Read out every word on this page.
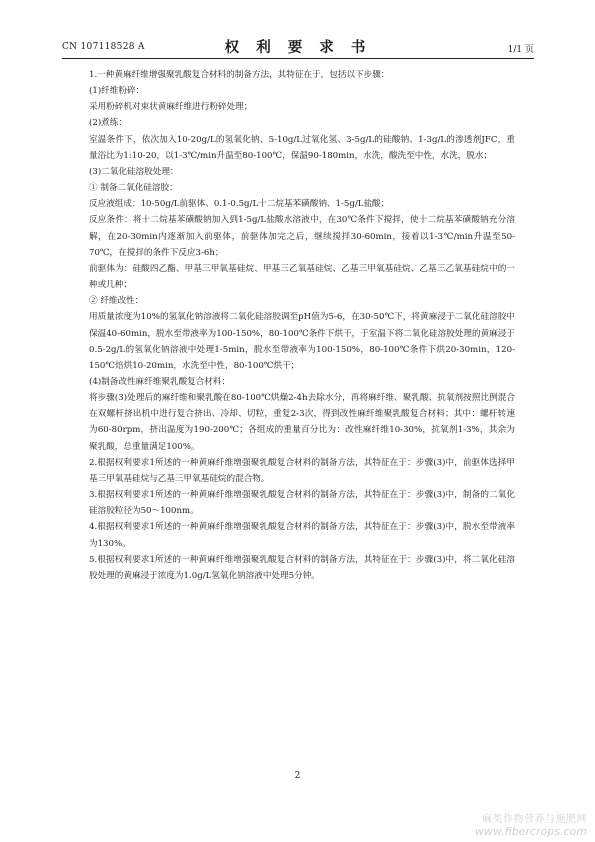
CN 107118528 A	权 利 要 求 书	1/1 页

1.一种黄麻纤维增强聚乳酸复合材料的制备方法，其特征在于，包括以下步骤：

(1)纤维粉碎：

采用粉碎机对束状黄麻纤维进行粉碎处理；

(2)煮练：

室温条件下，依次加入10-20g/L的氢氧化钠、5-10g/L过氧化氢、3-5g/L的硅酸钠、1-3g/L的渗透剂JFC，重量浴比为1:10-20，以1-3℃/min升温至80-100℃，保温90-180min，水洗，酸洗至中性，水洗，脱水；

(3)二氧化硅溶胶处理：

① 制备二氧化硅溶胶：

反应液组成：10-50g/L前驱体、0.1-0.5g/L十二烷基苯磺酸钠、1-5g/L盐酸；

反应条件：将十二烷基苯磺酸钠加入到1-5g/L盐酸水溶液中，在30℃条件下搅拌，使十二烷基苯磺酸钠充分溶解，在20-30min内逐渐加入前驱体，前驱体加完之后，继续搅拌30-60min，接着以1-3℃/min升温至50-70℃，在搅拌的条件下反应3-6h；

前驱体为：硅酸四乙酯、甲基三甲氧基硅烷、甲基三乙氧基硅烷、乙基三甲氧基硅烷、乙基三乙氧基硅烷中的一种或几种；

② 纤维改性：

用质量浓度为10%的氢氧化钠溶液将二氧化硅溶胶调至pH值为5-6，在30-50℃下，将黄麻浸于二氧化硅溶胶中保温40-60min，脱水至带液率为100-150%，80-100℃条件下烘干，于室温下将二氧化硅溶胶处理的黄麻浸于0.5-2g/L的氢氧化钠溶液中处理1-5min，脱水至带液率为100-150%，80-100℃条件下烘20-30min，120-150℃焙烘10-20min，水洗至中性，80-100℃烘干；

(4)制备改性麻纤维聚乳酸复合材料：

将步骤(3)处理后的麻纤维和聚乳酸在80-100℃烘燥2-4h去除水分，再将麻纤维、聚乳酸、抗氧剂按照比例混合在双螺杆挤出机中进行复合挤出、冷却、切粒，重复2-3次，得到改性麻纤维聚乳酸复合材料；其中：螺杆转速为60-80rpm，挤出温度为190-200℃；各组成的重量百分比为：改性麻纤维10-30%，抗氧剂1-3%，其余为聚乳酸，总重量满足100%。

2.根据权利要求1所述的一种黄麻纤维增强聚乳酸复合材料的制备方法，其特征在于：步骤(3)中，前驱体选择甲基三甲氧基硅烷与乙基三甲氧基硅烷的混合物。

3.根据权利要求1所述的一种黄麻纤维增强聚乳酸复合材料的制备方法，其特征在于：步骤(3)中，制备的二氧化硅溶胶粒径为50～100nm。

4.根据权利要求1所述的一种黄麻纤维增强聚乳酸复合材料的制备方法，其特征在于：步骤(3)中，脱水至带液率为130%。

5.根据权利要求1所述的一种黄麻纤维增强聚乳酸复合材料的制备方法，其特征在于：步骤(3)中，将二氧化硅溶胶处理的黄麻浸于浓度为1.0g/L氢氧化钠溶液中处理5分钟。

2
麻类作物营养与施肥网
www.fibercrops.com
